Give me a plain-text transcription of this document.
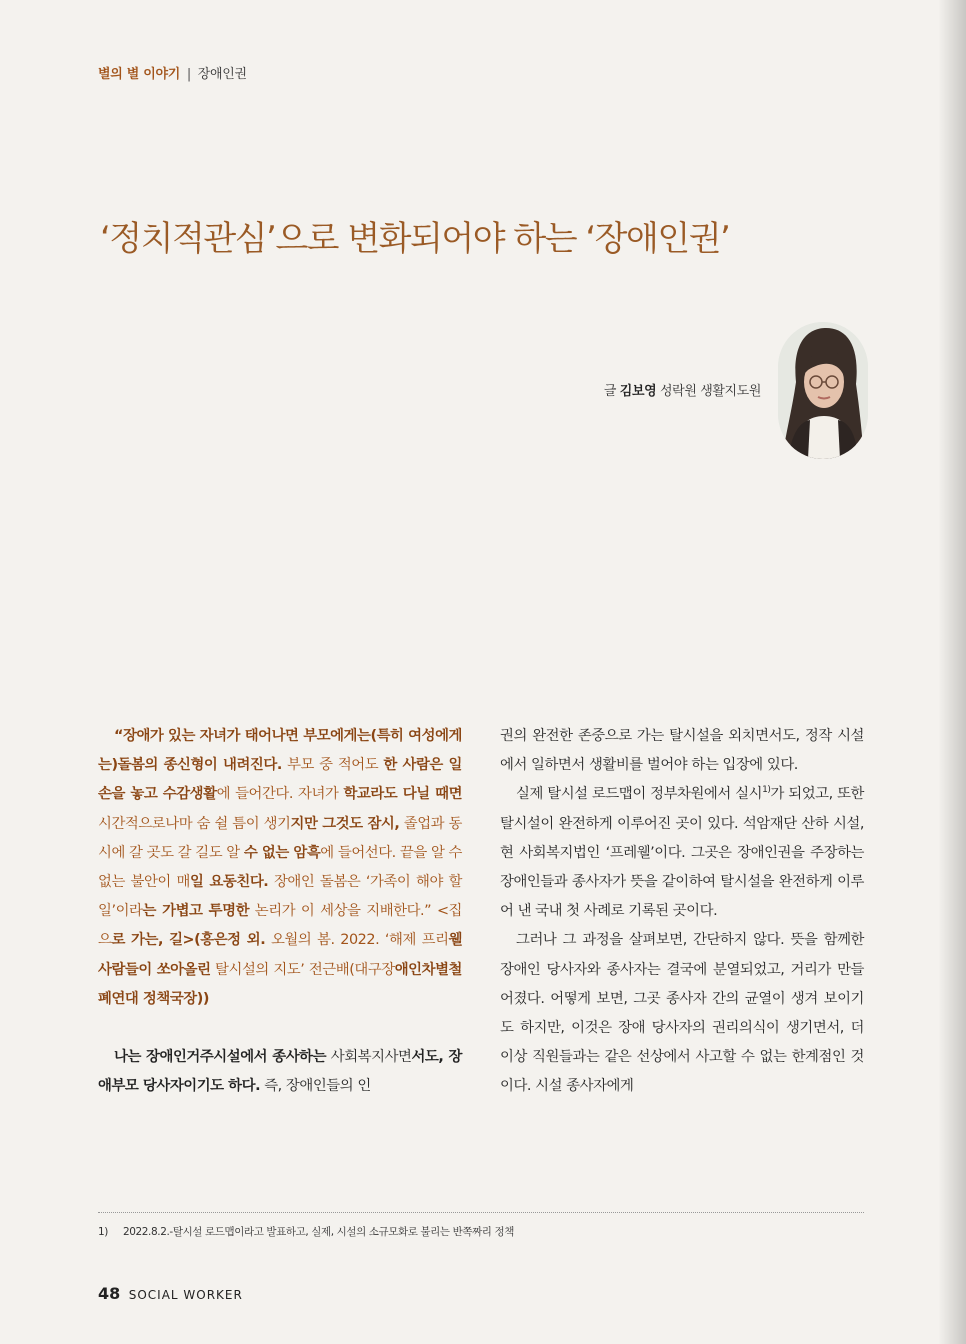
별의 별 이야기 | 장애인권
‘정치적관심’으로 변화되어야 하는 ‘장애인권’
글 김보영 성락원 생활지도원

“장애가 있는 자녀가 태어나면 부모에게는(특히 여성에게는)돌봄의 종신형이 내려진다. 부모 중 적어도 한 사람은 일손을 놓고 수감생활에 들어간다. 자녀가 학교라도 다닐 때면 시간적으로나마 숨 쉴 틈이 생기지만 그것도 잠시, 졸업과 동시에 갈 곳도 갈 길도 알 수 없는 암흑에 들어선다. 끝을 알 수 없는 불안이 매일 요동친다. 장애인 돌봄은 ‘가족이 해야 할 일’이라는 가볍고 투명한 논리가 이 세상을 지배한다.” <집으로 가는, 길>(홍은정 외. 오월의 봄. 2022. ‘해제 프리웰 사람들이 쏘아올린 탈시설의 지도’ 전근배(대구장애인차별철폐연대 정책국장))

나는 장애인거주시설에서 종사하는 사회복지사면서도, 장애부모 당사자이기도 하다. 즉, 장애인들의 인

권의 완전한 존중으로 가는 탈시설을 외치면서도, 정작 시설에서 일하면서 생활비를 벌어야 하는 입장에 있다.

실제 탈시설 로드맵이 정부차원에서 실시$^{1)}$가 되었고, 또한 탈시설이 완전하게 이루어진 곳이 있다. 석암재단 산하 시설, 현 사회복지법인 ‘프레웰’이다. 그곳은 장애인권을 주장하는 장애인들과 종사자가 뜻을 같이하여 탈시설을 완전하게 이루어 낸 국내 첫 사례로 기록된 곳이다.

그러나 그 과정을 살펴보면, 간단하지 않다. 뜻을 함께한 장애인 당사자와 종사자는 결국에 분열되었고, 거리가 만들어졌다. 어떻게 보면, 그곳 종사자 간의 균열이 생겨 보이기도 하지만, 이것은 장애 당사자의 권리의식이 생기면서, 더 이상 직원들과는 같은 선상에서 사고할 수 없는 한계점인 것이다. 시설 종사자에게

1) 2022.8.2.-탈시설 로드맵이라고 발표하고, 실제, 시설의 소규모화로 불리는 반쪽짜리 정책
48 SOCIAL WORKER
